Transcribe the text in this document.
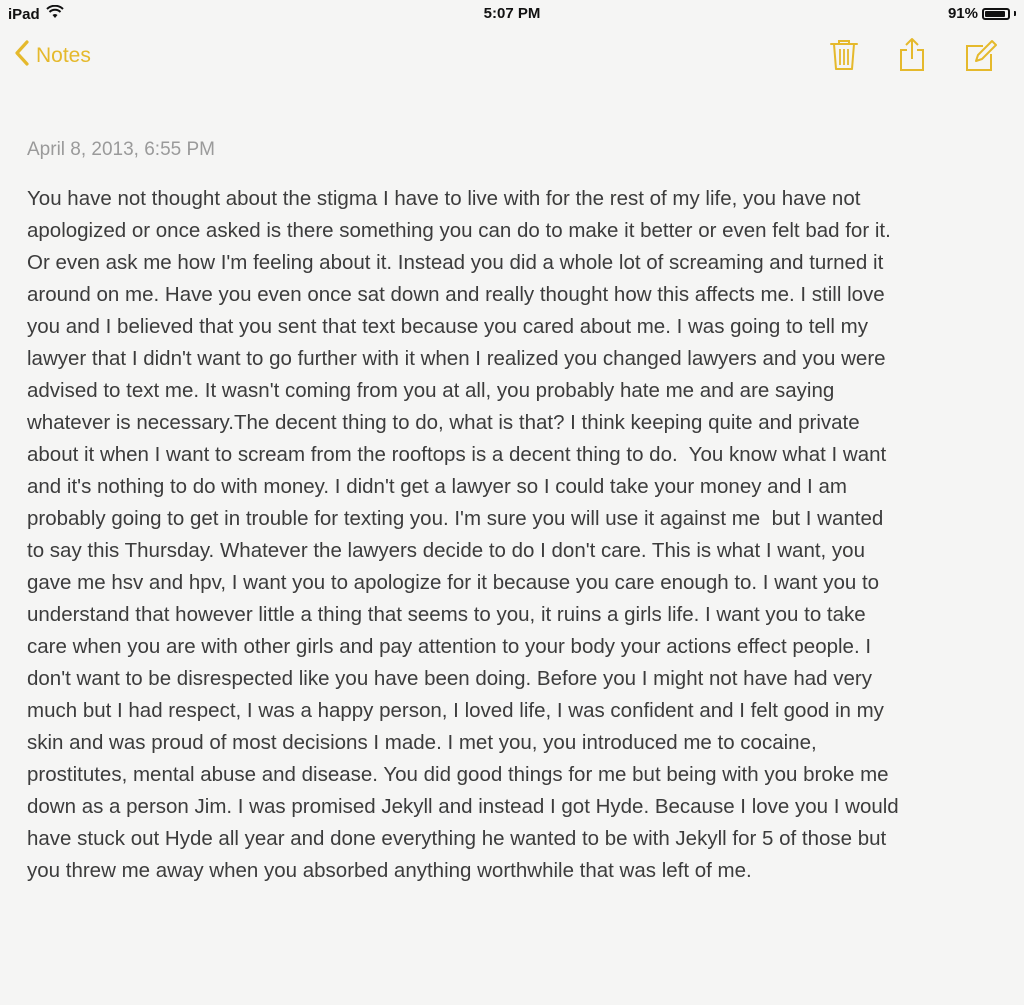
iPad	5:07 PM	91%
Notes
April 8, 2013, 6:55 PM
You have not thought about the stigma I have to live with for the rest of my life, you have not
apologized or once asked is there something you can do to make it better or even felt bad for it.
Or even ask me how I'm feeling about it. Instead you did a whole lot of screaming and turned it
around on me. Have you even once sat down and really thought how this affects me. I still love
you and I believed that you sent that text because you cared about me. I was going to tell my
lawyer that I didn't want to go further with it when I realized you changed lawyers and you were
advised to text me. It wasn't coming from you at all, you probably hate me and are saying
whatever is necessary.The decent thing to do, what is that? I think keeping quite and private
about it when I want to scream from the rooftops is a decent thing to do.  You know what I want
and it's nothing to do with money. I didn't get a lawyer so I could take your money and I am
probably going to get in trouble for texting you. I'm sure you will use it against me  but I wanted
to say this Thursday. Whatever the lawyers decide to do I don't care. This is what I want, you
gave me hsv and hpv, I want you to apologize for it because you care enough to. I want you to
understand that however little a thing that seems to you, it ruins a girls life. I want you to take
care when you are with other girls and pay attention to your body your actions effect people. I
don't want to be disrespected like you have been doing. Before you I might not have had very
much but I had respect, I was a happy person, I loved life, I was confident and I felt good in my
skin and was proud of most decisions I made. I met you, you introduced me to cocaine,
prostitutes, mental abuse and disease. You did good things for me but being with you broke me
down as a person Jim. I was promised Jekyll and instead I got Hyde. Because I love you I would
have stuck out Hyde all year and done everything he wanted to be with Jekyll for 5 of those but
you threw me away when you absorbed anything worthwhile that was left of me.
